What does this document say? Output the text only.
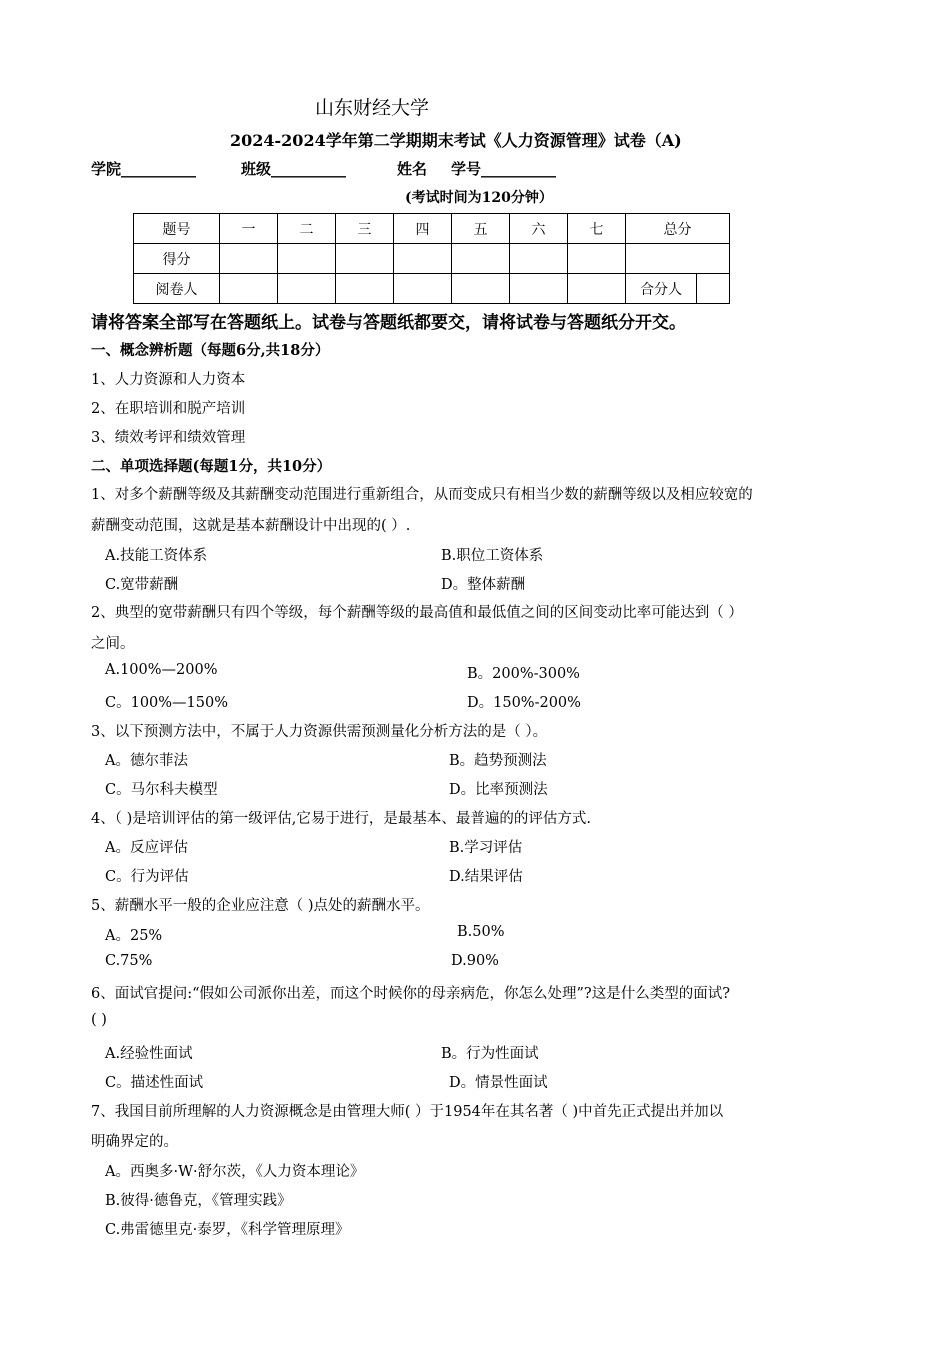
山东财经大学
2024-2024学年第二学期期末考试《人力资源管理》试卷（A)
学院__________	班级__________	姓名 学号__________
(考试时间为120分钟）
题号	一	二	三	四	五	六	七	总分	
得分									
阅卷人								合分人	
请将答案全部写在答题纸上。试卷与答题纸都要交，请将试卷与答题纸分开交。
一、概念辨析题（每题6分,共18分）
1、人力资源和人力资本
2、在职培训和脱产培训
3、绩效考评和绩效管理
二、单项选择题(每题1分，共10分）
1、对多个薪酬等级及其薪酬变动范围进行重新组合，从而变成只有相当少数的薪酬等级以及相应较宽的
薪酬变动范围，这就是基本薪酬设计中出现的( ）.
A.技能工资体系	B.职位工资体系
C.宽带薪酬	D。整体薪酬
2、典型的宽带薪酬只有四个等级，每个薪酬等级的最高值和最低值之间的区间变动比率可能达到（ ）
之间。
A.100%—200%	B。200%-300%
C。100%—150%	D。150%-200%
3、以下预测方法中，不属于人力资源供需预测量化分析方法的是（ ）。
A。德尔菲法	B。趋势预测法
C。马尔科夫模型	D。比率预测法
4、（ )是培训评估的第一级评估,它易于进行，是最基本、最普遍的的评估方式.
A。反应评估	B.学习评估
C。行为评估	D.结果评估
5、薪酬水平一般的企业应注意（ )点处的薪酬水平。
A。25%	B.50%
C.75%	D.90%
6、面试官提问:“假如公司派你出差，而这个时候你的母亲病危，你怎么处理”?这是什么类型的面试?
( )
A.经验性面试	B。行为性面试
C。描述性面试	D。情景性面试
7、我国目前所理解的人力资源概念是由管理大师( ）于1954年在其名著（ )中首先正式提出并加以
明确界定的。
A。西奥多·W·舒尔茨，《人力资本理论》
B.彼得·德鲁克，《管理实践》
C.弗雷德里克·泰罗，《科学管理原理》
